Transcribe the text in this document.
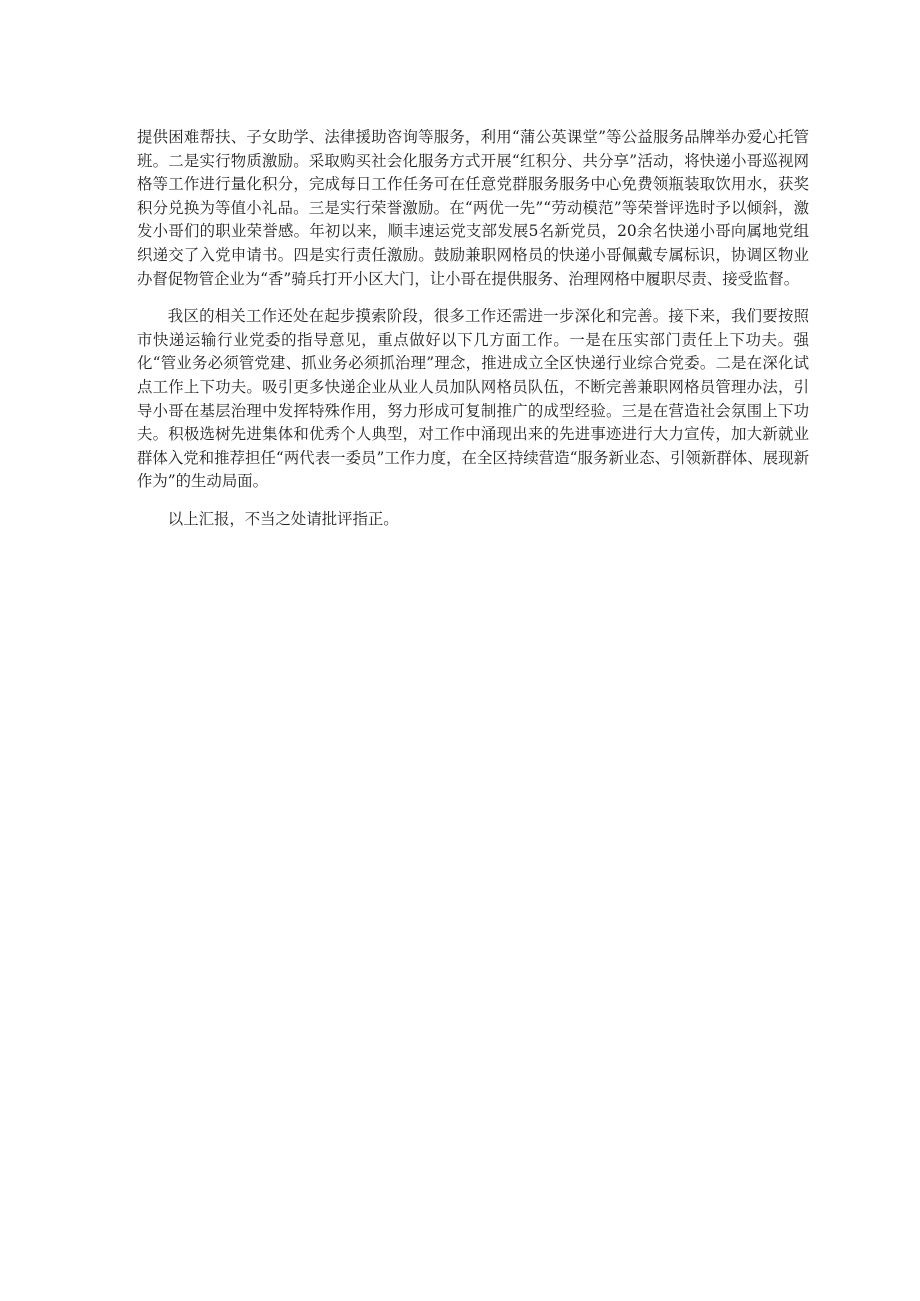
提供困难帮扶、子女助学、法律援助咨询等服务，利用“蒲公英课堂”等公益服务品牌举办爱心托管班。二是实行物质激励。采取购买社会化服务方式开展“红积分、共分享”活动，将快递小哥巡视网格等工作进行量化积分，完成每日工作任务可在任意党群服务服务中心免费领瓶装取饮用水，获奖积分兑换为等值小礼品。三是实行荣誉激励。在“两优一先”“劳动模范”等荣誉评选时予以倾斜，激发小哥们的职业荣誉感。年初以来，顺丰速运党支部发展5名新党员，20余名快递小哥向属地党组织递交了入党申请书。四是实行责任激励。鼓励兼职网格员的快递小哥佩戴专属标识，协调区物业办督促物管企业为“香”骑兵打开小区大门，让小哥在提供服务、治理网格中履职尽责、接受监督。

我区的相关工作还处在起步摸索阶段，很多工作还需进一步深化和完善。接下来，我们要按照市快递运输行业党委的指导意见，重点做好以下几方面工作。一是在压实部门责任上下功夫。强化“管业务必须管党建、抓业务必须抓治理”理念，推进成立全区快递行业综合党委。二是在深化试点工作上下功夫。吸引更多快递企业从业人员加队网格员队伍，不断完善兼职网格员管理办法，引导小哥在基层治理中发挥特殊作用，努力形成可复制推广的成型经验。三是在营造社会氛围上下功夫。积极选树先进集体和优秀个人典型，对工作中涌现出来的先进事迹进行大力宣传，加大新就业群体入党和推荐担任“两代表一委员”工作力度，在全区持续营造“服务新业态、引领新群体、展现新作为”的生动局面。

以上汇报，不当之处请批评指正。
